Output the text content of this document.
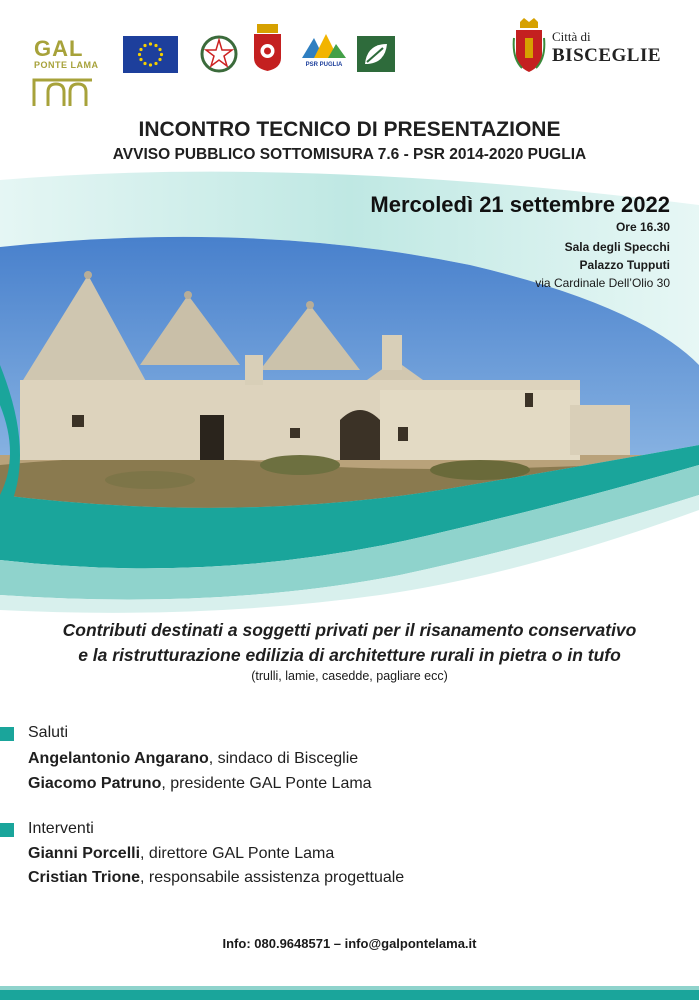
GAL
PONTE LAMA	PSR PUGLIA
Città di
BISCEGLIE
INCONTRO TECNICO DI PRESENTAZIONE
AVVISO PUBBLICO SOTTOMISURA 7.6 - PSR 2014-2020 PUGLIA
Mercoledì 21 settembre 2022
Ore 16.30
Sala degli Specchi
Palazzo Tupputi
via Cardinale Dell’Olio 30
Contributi destinati a soggetti privati per il risanamento conservativo
e la ristrutturazione edilizia di architetture rurali in pietra o in tufo
(trulli, lamie, casedde, pagliare ecc)
Saluti
Angelantonio Angarano, sindaco di Bisceglie
Giacomo Patruno, presidente GAL Ponte Lama
Interventi
Gianni Porcelli, direttore GAL Ponte Lama
Cristian Trione, responsabile assistenza progettuale
Info: 080.9648571 – info@galpontelama.it
